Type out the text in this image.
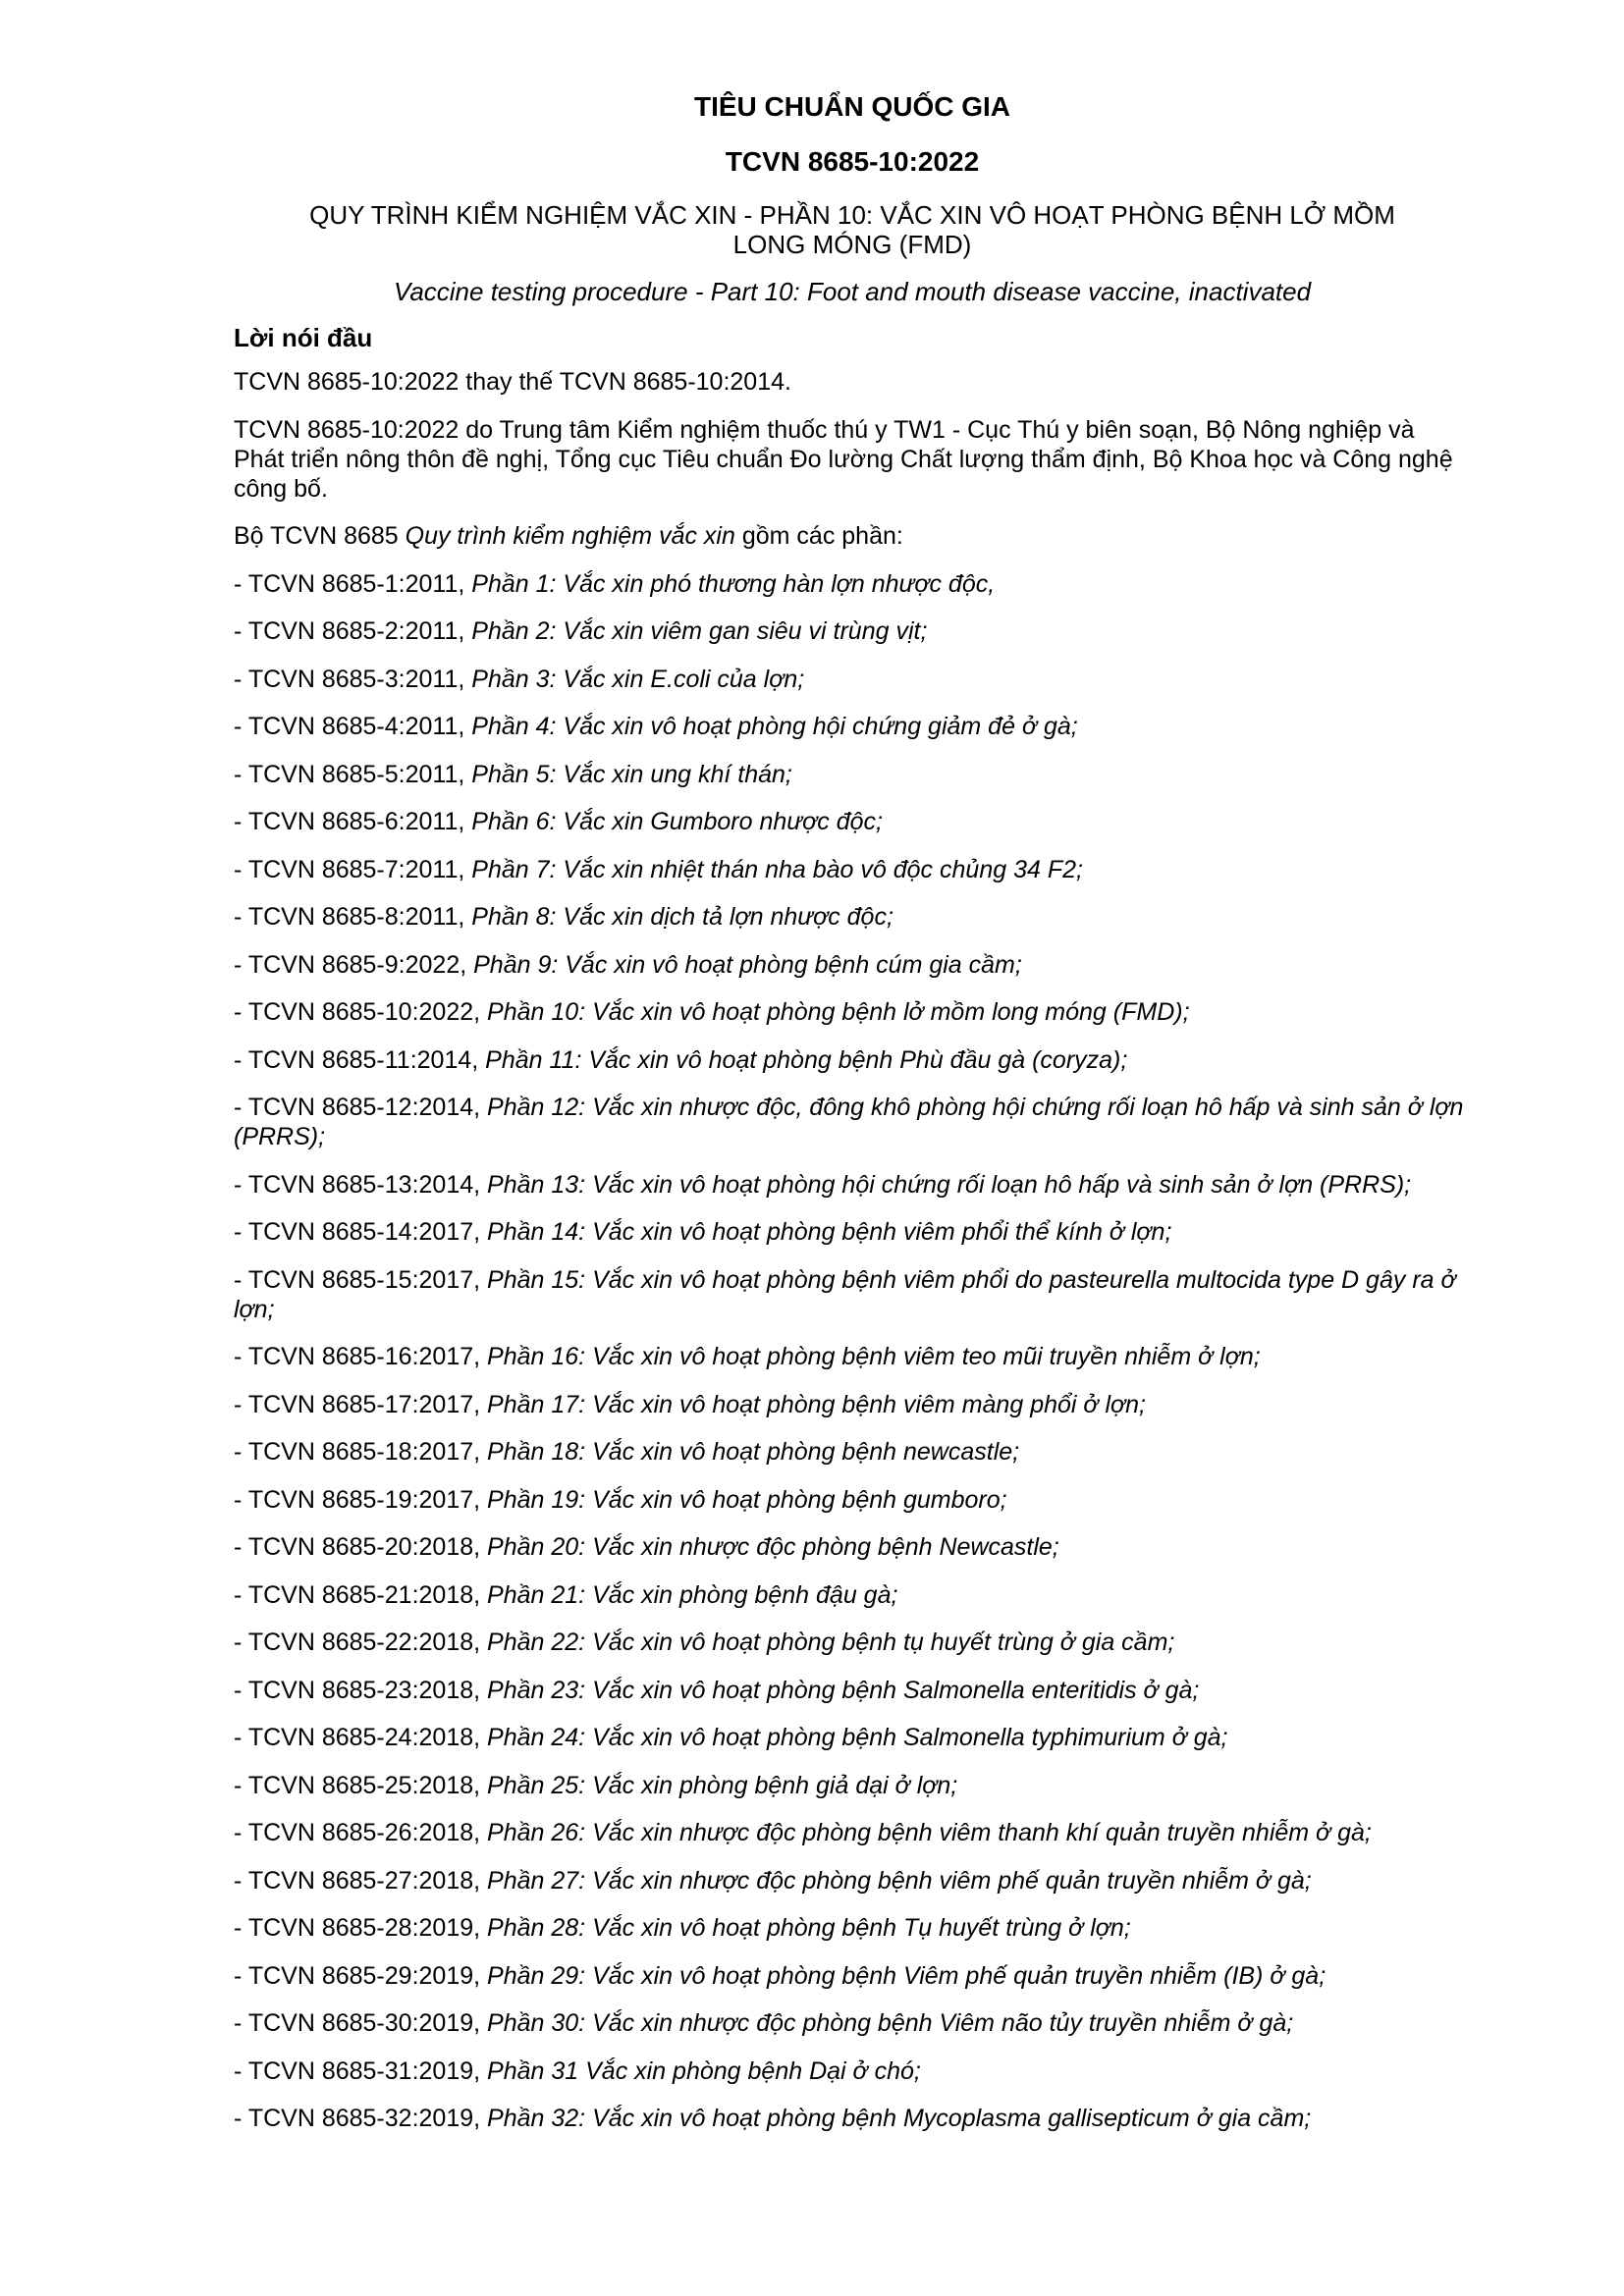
TIÊU CHUẨN QUỐC GIA
TCVN 8685-10:2022
QUY TRÌNH KIỂM NGHIỆM VẮC XIN - PHẦN 10: VẮC XIN VÔ HOẠT PHÒNG BỆNH LỞ MỒM LONG MÓNG (FMD)
Vaccine testing procedure - Part 10: Foot and mouth disease vaccine, inactivated
Lời nói đầu
TCVN 8685-10:2022 thay thế TCVN 8685-10:2014.
TCVN 8685-10:2022 do Trung tâm Kiểm nghiệm thuốc thú y TW1 - Cục Thú y biên soạn, Bộ Nông nghiệp và Phát triển nông thôn đề nghị, Tổng cục Tiêu chuẩn Đo lường Chất lượng thẩm định, Bộ Khoa học và Công nghệ công bố.
Bộ TCVN 8685 Quy trình kiểm nghiệm vắc xin gồm các phần:
- TCVN 8685-1:2011, Phần 1: Vắc xin phó thương hàn lợn nhược độc,
- TCVN 8685-2:2011, Phần 2: Vắc xin viêm gan siêu vi trùng vịt;
- TCVN 8685-3:2011, Phần 3: Vắc xin E.coli của lợn;
- TCVN 8685-4:2011, Phần 4: Vắc xin vô hoạt phòng hội chứng giảm đẻ ở gà;
- TCVN 8685-5:2011, Phần 5: Vắc xin ung khí thán;
- TCVN 8685-6:2011, Phần 6: Vắc xin Gumboro nhược độc;
- TCVN 8685-7:2011, Phần 7: Vắc xin nhiệt thán nha bào vô độc chủng 34 F2;
- TCVN 8685-8:2011, Phần 8: Vắc xin dịch tả lợn nhược độc;
- TCVN 8685-9:2022, Phần 9: Vắc xin vô hoạt phòng bệnh cúm gia cầm;
- TCVN 8685-10:2022, Phần 10: Vắc xin vô hoạt phòng bệnh lở mồm long móng (FMD);
- TCVN 8685-11:2014, Phần 11: Vắc xin vô hoạt phòng bệnh Phù đầu gà (coryza);
- TCVN 8685-12:2014, Phần 12: Vắc xin nhược độc, đông khô phòng hội chứng rối loạn hô hấp và sinh sản ở lợn (PRRS);
- TCVN 8685-13:2014, Phần 13: Vắc xin vô hoạt phòng hội chứng rối loạn hô hấp và sinh sản ở lợn (PRRS);
- TCVN 8685-14:2017, Phần 14: Vắc xin vô hoạt phòng bệnh viêm phổi thể kính ở lợn;
- TCVN 8685-15:2017, Phần 15: Vắc xin vô hoạt phòng bệnh viêm phổi do pasteurella multocida type D gây ra ở lợn;
- TCVN 8685-16:2017, Phần 16: Vắc xin vô hoạt phòng bệnh viêm teo mũi truyền nhiễm ở lợn;
- TCVN 8685-17:2017, Phần 17: Vắc xin vô hoạt phòng bệnh viêm màng phổi ở lợn;
- TCVN 8685-18:2017, Phần 18: Vắc xin vô hoạt phòng bệnh newcastle;
- TCVN 8685-19:2017, Phần 19: Vắc xin vô hoạt phòng bệnh gumboro;
- TCVN 8685-20:2018, Phần 20: Vắc xin nhược độc phòng bệnh Newcastle;
- TCVN 8685-21:2018, Phần 21: Vắc xin phòng bệnh đậu gà;
- TCVN 8685-22:2018, Phần 22: Vắc xin vô hoạt phòng bệnh tụ huyết trùng ở gia cầm;
- TCVN 8685-23:2018, Phần 23: Vắc xin vô hoạt phòng bệnh Salmonella enteritidis ở gà;
- TCVN 8685-24:2018, Phần 24: Vắc xin vô hoạt phòng bệnh Salmonella typhimurium ở gà;
- TCVN 8685-25:2018, Phần 25: Vắc xin phòng bệnh giả dại ở lợn;
- TCVN 8685-26:2018, Phần 26: Vắc xin nhược độc phòng bệnh viêm thanh khí quản truyền nhiễm ở gà;
- TCVN 8685-27:2018, Phần 27: Vắc xin nhược độc phòng bệnh viêm phế quản truyền nhiễm ở gà;
- TCVN 8685-28:2019, Phần 28: Vắc xin vô hoạt phòng bệnh Tụ huyết trùng ở lợn;
- TCVN 8685-29:2019, Phần 29: Vắc xin vô hoạt phòng bệnh Viêm phế quản truyền nhiễm (IB) ở gà;
- TCVN 8685-30:2019, Phần 30: Vắc xin nhược độc phòng bệnh Viêm não tủy truyền nhiễm ở gà;
- TCVN 8685-31:2019, Phần 31 Vắc xin phòng bệnh Dại ở chó;
- TCVN 8685-32:2019, Phần 32: Vắc xin vô hoạt phòng bệnh Mycoplasma gallisepticum ở gia cầm;
